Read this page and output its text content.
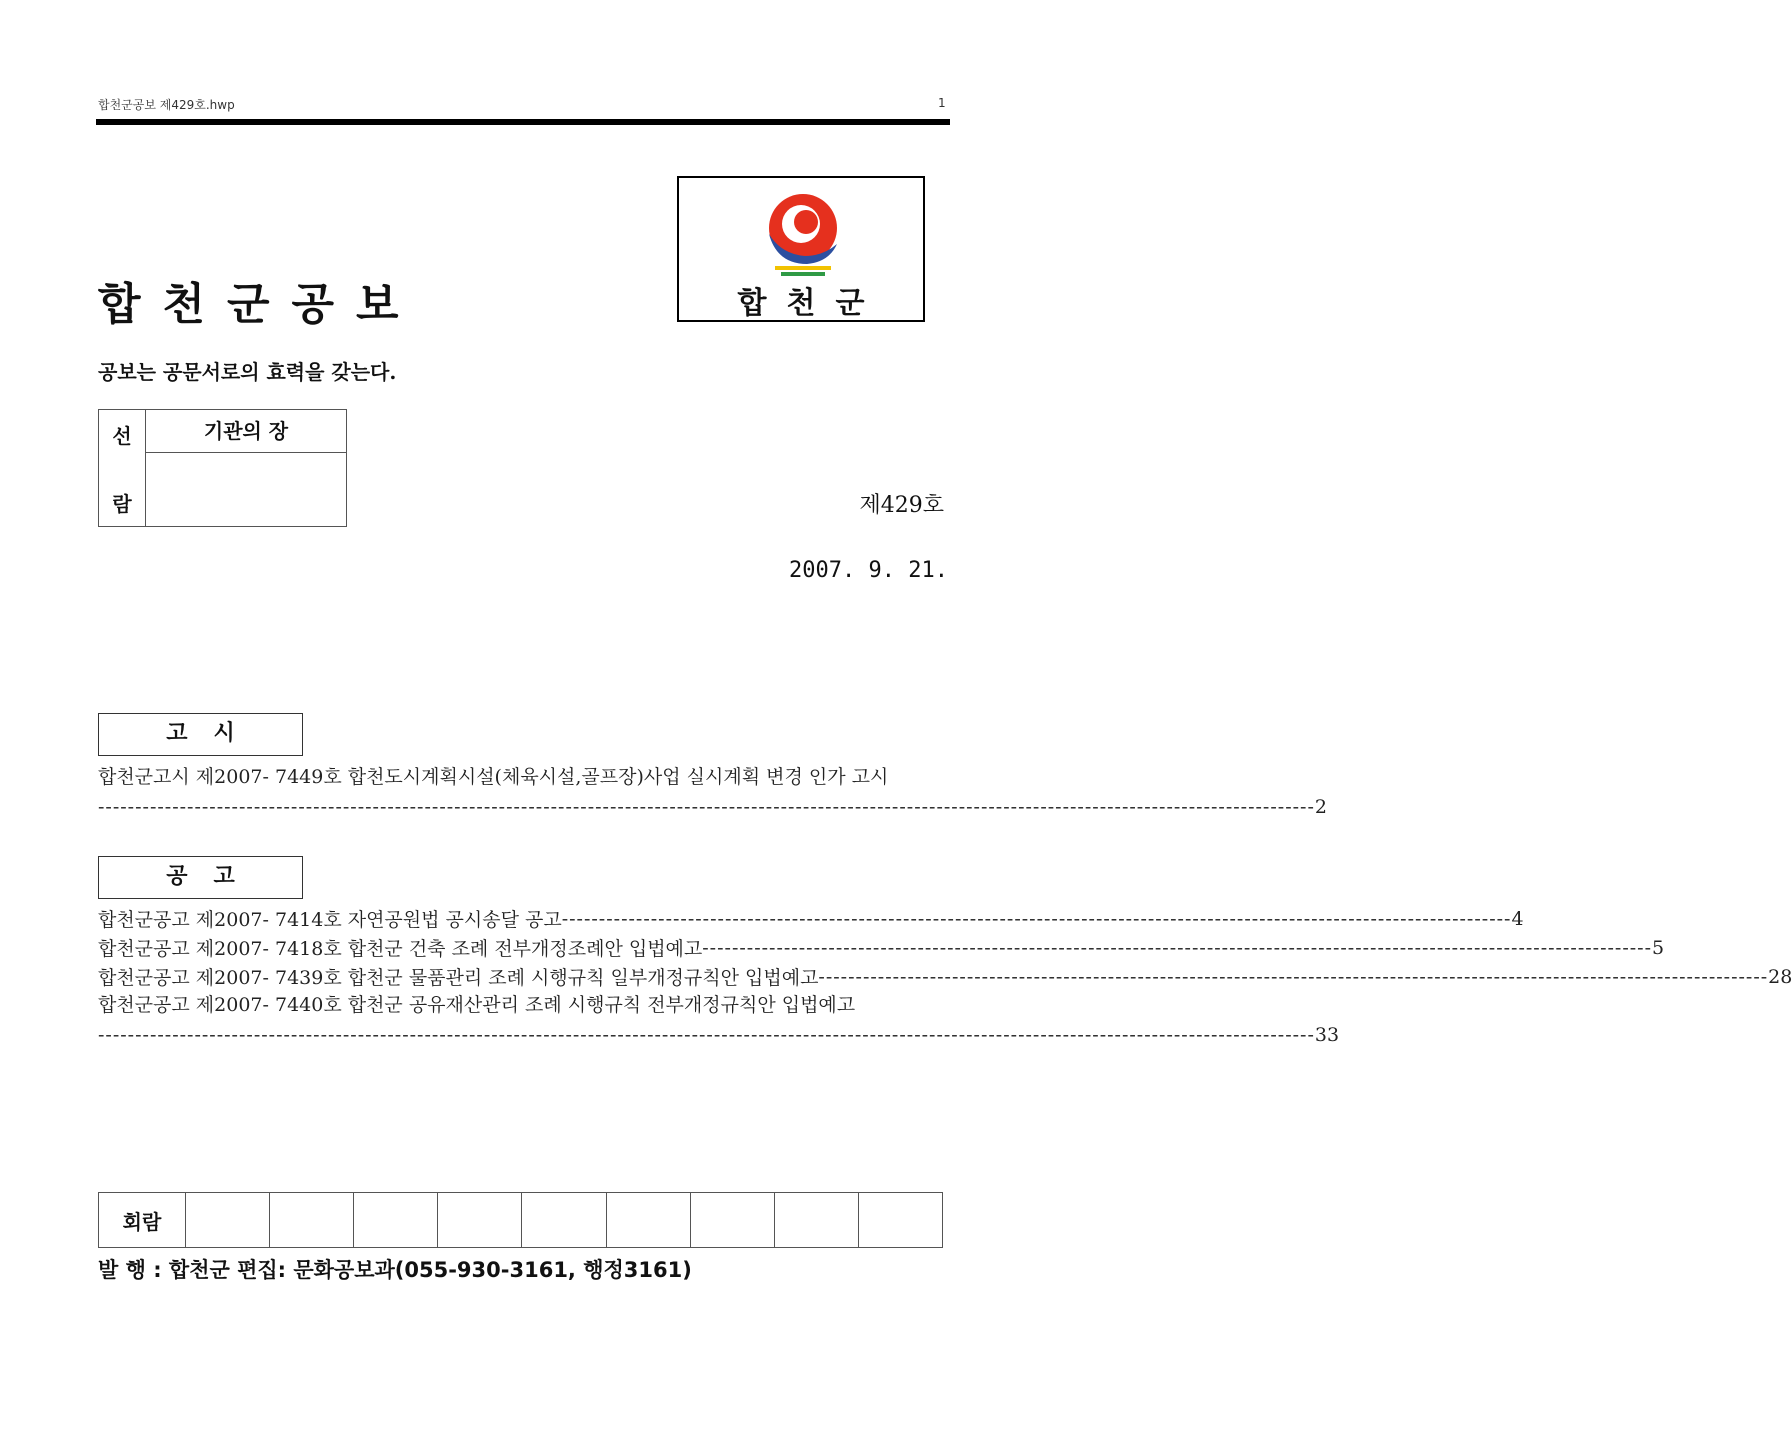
합천군공보 제429호.hwp	1
합천군공보
공보는 공문서로의 효력을 갖는다.
합천군
선
람
기관의 장
제429호
2007. 9. 21.
고시
합천군고시 제2007- 7449호 합천도시계획시설(체육시설,골프장)사업 실시계획 변경 인가 고시
-------------------------------------------------------------------------------------------------------------------------------------------------------------------- 2
공고
합천군공고 제2007- 7414호 자연공원법 공시송달 공고 -------------------------------------------------------------------------------------------------------------------------------- 4
합천군공고 제2007- 7418호 합천군 건축 조례 전부개정조례안 입법예고 -------------------------------------------------------------------------------------------------------------------------------- 5
합천군공고 제2007- 7439호 합천군 물품관리 조례 시행규칙 일부개정규칙안 입법예고 -------------------------------------------------------------------------------------------------------------------------------- 28
합천군공고 제2007- 7440호 합천군 공유재산관리 조례 시행규칙 전부개정규칙안 입법예고
-------------------------------------------------------------------------------------------------------------------------------------------------------------------- 33
회람									
발 행 : 합천군 편집: 문화공보과(055-930-3161, 행정3161)
